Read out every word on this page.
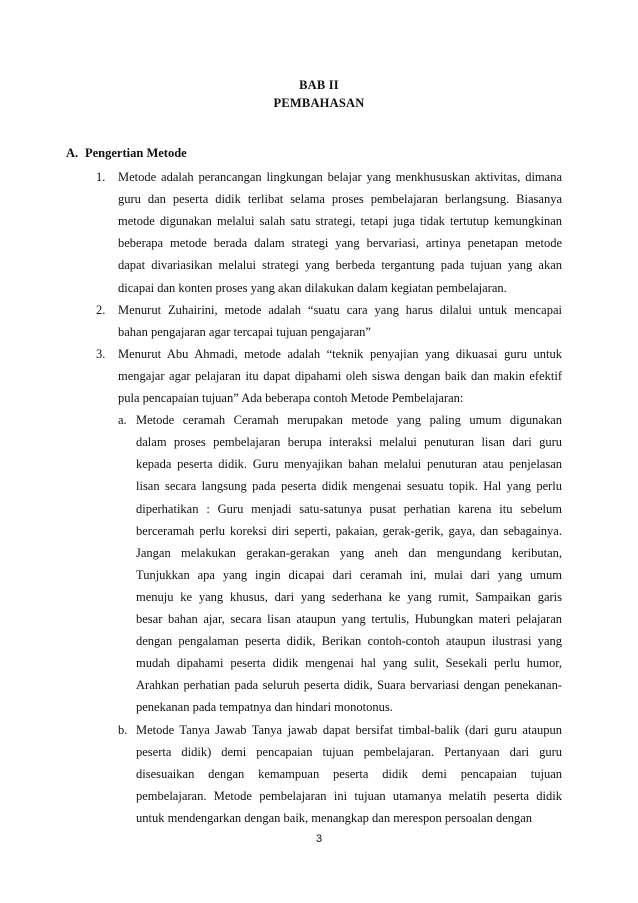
BAB II
PEMBAHASAN
A. Pengertian Metode
1. Metode adalah perancangan lingkungan belajar yang menkhususkan aktivitas, dimana
guru dan peserta didik terlibat selama proses pembelajaran berlangsung. Biasanya
metode digunakan melalui salah satu strategi, tetapi juga tidak tertutup kemungkinan
beberapa metode berada dalam strategi yang bervariasi, artinya penetapan metode
dapat divariasikan melalui strategi yang berbeda tergantung pada tujuan yang akan
dicapai dan konten proses yang akan dilakukan dalam kegiatan pembelajaran.
2. Menurut Zuhairini, metode adalah “suatu cara yang harus dilalui untuk mencapai
bahan pengajaran agar tercapai tujuan pengajaran”
3. Menurut Abu Ahmadi, metode adalah “teknik penyajian yang dikuasai guru untuk
mengajar agar pelajaran itu dapat dipahami oleh siswa dengan baik dan makin efektif
pula pencapaian tujuan” Ada beberapa contoh Metode Pembelajaran:
a. Metode ceramah Ceramah merupakan metode yang paling umum digunakan
dalam proses pembelajaran berupa interaksi melalui penuturan lisan dari guru
kepada peserta didik. Guru menyajikan bahan melalui penuturan atau penjelasan
lisan secara langsung pada peserta didik mengenai sesuatu topik. Hal yang perlu
diperhatikan : Guru menjadi satu-satunya pusat perhatian karena itu sebelum
berceramah perlu koreksi diri seperti, pakaian, gerak-gerik, gaya, dan sebagainya.
Jangan melakukan gerakan-gerakan yang aneh dan mengundang keributan,
Tunjukkan apa yang ingin dicapai dari ceramah ini, mulai dari yang umum
menuju ke yang khusus, dari yang sederhana ke yang rumit, Sampaikan garis
besar bahan ajar, secara lisan ataupun yang tertulis, Hubungkan materi pelajaran
dengan pengalaman peserta didik, Berikan contoh-contoh ataupun ilustrasi yang
mudah dipahami peserta didik mengenai hal yang sulit, Sesekali perlu humor,
Arahkan perhatian pada seluruh peserta didik, Suara bervariasi dengan penekanan-
penekanan pada tempatnya dan hindari monotonus.
b. Metode Tanya Jawab Tanya jawab dapat bersifat timbal-balik (dari guru ataupun
peserta didik) demi pencapaian tujuan pembelajaran. Pertanyaan dari guru
disesuaikan dengan kemampuan peserta didik demi pencapaian tujuan
pembelajaran. Metode pembelajaran ini tujuan utamanya melatih peserta didik
untuk mendengarkan dengan baik, menangkap dan merespon persoalan dengan
3
